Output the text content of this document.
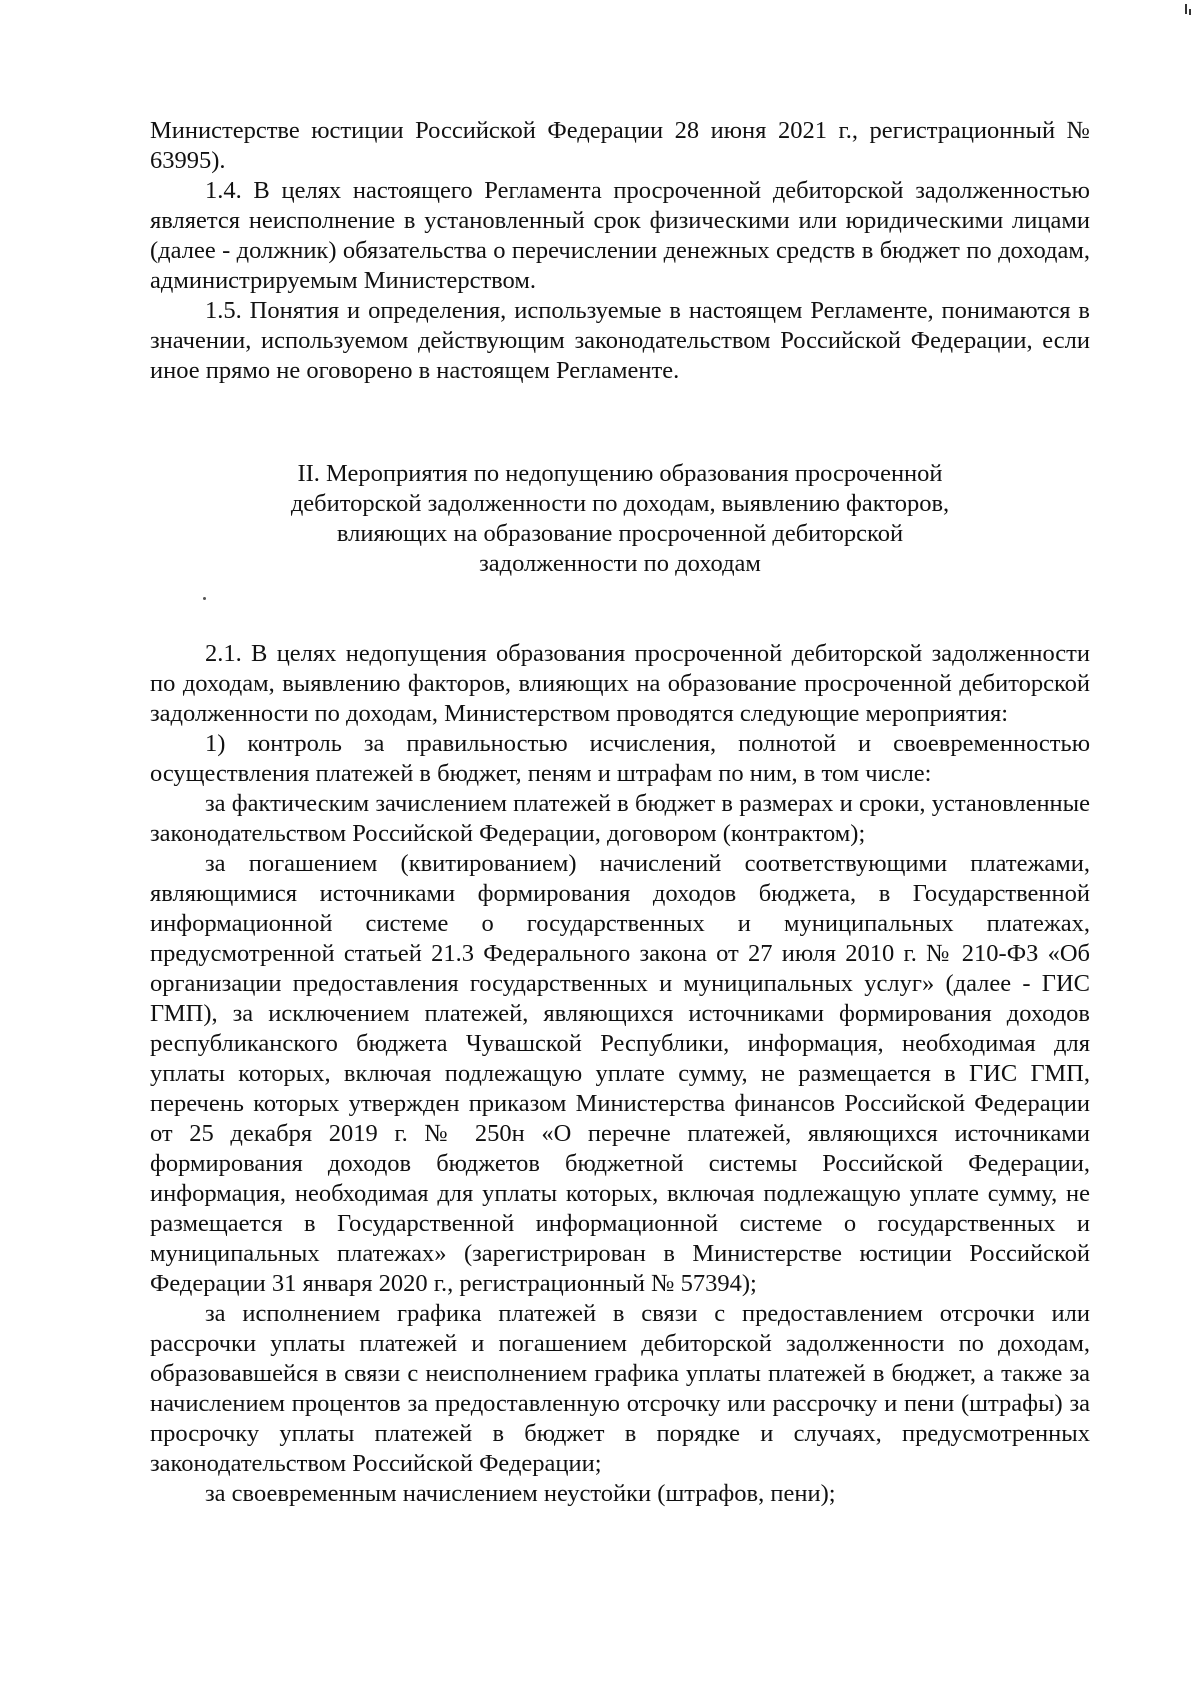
Министерстве юстиции Российской Федерации 28 июня 2021 г., регистрационный № 63995).

1.4. В целях настоящего Регламента просроченной дебиторской задолженностью является неисполнение в установленный срок физическими или юридическими лицами (далее - должник) обязательства о перечислении денежных средств в бюджет по доходам, администрируемым Министерством.

1.5. Понятия и определения, используемые в настоящем Регламенте, понимаются в значении, используемом действующим законодательством Российской Федерации, если иное прямо не оговорено в настоящем Регламенте.

II. Мероприятия по недопущению образования просроченной
дебиторской задолженности по доходам, выявлению факторов,
влияющих на образование просроченной дебиторской
задолженности по доходам

2.1. В целях недопущения образования просроченной дебиторской задолженности по доходам, выявлению факторов, влияющих на образование просроченной дебиторской задолженности по доходам, Министерством проводятся следующие мероприятия:

1) контроль за правильностью исчисления, полнотой и своевременностью осуществления платежей в бюджет, пеням и штрафам по ним, в том числе:

за фактическим зачислением платежей в бюджет в размерах и сроки, установленные законодательством Российской Федерации, договором (контрактом);

за погашением (квитированием) начислений соответствующими платежами, являющимися источниками формирования доходов бюджета, в Государственной информационной системе о государственных и муниципальных платежах, предусмотренной статьей 21.3 Федерального закона от 27 июля 2010 г. № 210-ФЗ «Об организации предоставления государственных и муниципальных услуг» (далее - ГИС ГМП), за исключением платежей, являющихся источниками формирования доходов республиканского бюджета Чувашской Республики, информация, необходимая для уплаты которых, включая подлежащую уплате сумму, не размещается в ГИС ГМП, перечень которых утвержден приказом Министерства финансов Российской Федерации от 25 декабря 2019 г. № 250н «О перечне платежей, являющихся источниками формирования доходов бюджетов бюджетной системы Российской Федерации, информация, необходимая для уплаты которых, включая подлежащую уплате сумму, не размещается в Государственной информационной системе о государственных и муниципальных платежах» (зарегистрирован в Министерстве юстиции Российской Федерации 31 января 2020 г., регистрационный № 57394);

за исполнением графика платежей в связи с предоставлением отсрочки или рассрочки уплаты платежей и погашением дебиторской задолженности по доходам, образовавшейся в связи с неисполнением графика уплаты платежей в бюджет, а также за начислением процентов за предоставленную отсрочку или рассрочку и пени (штрафы) за просрочку уплаты платежей в бюджет в порядке и случаях, предусмотренных законодательством Российской Федерации;

за своевременным начислением неустойки (штрафов, пени);
